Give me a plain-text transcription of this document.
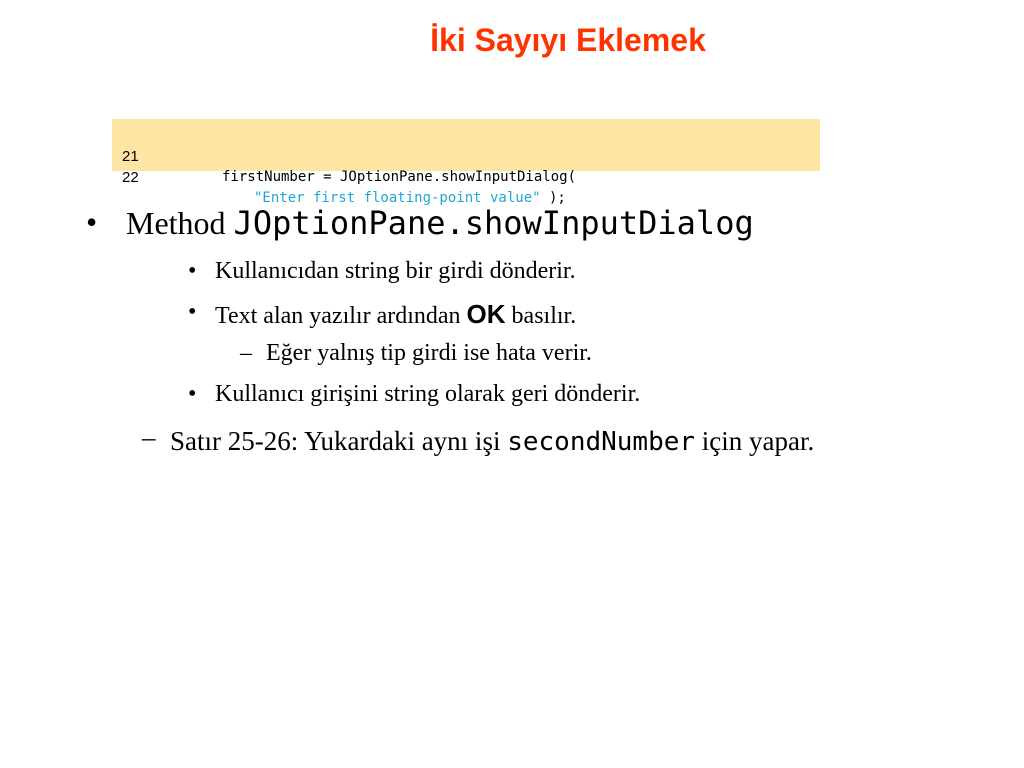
İki Sayıyı Eklemek

21

firstNumber = JOptionPane.showInputDialog(

22

"Enter first floating-point value" );

• Method JOptionPane.showInputDialog
• Kullanıcıdan string bir girdi dönderir.
• Text alan yazılır ardından OK basılır.
– Eğer yalnış tip girdi ise hata verir.
• Kullanıcı girişini string olarak geri dönderir.
– Satır 25-26: Yukardaki aynı işi secondNumber için yapar.
